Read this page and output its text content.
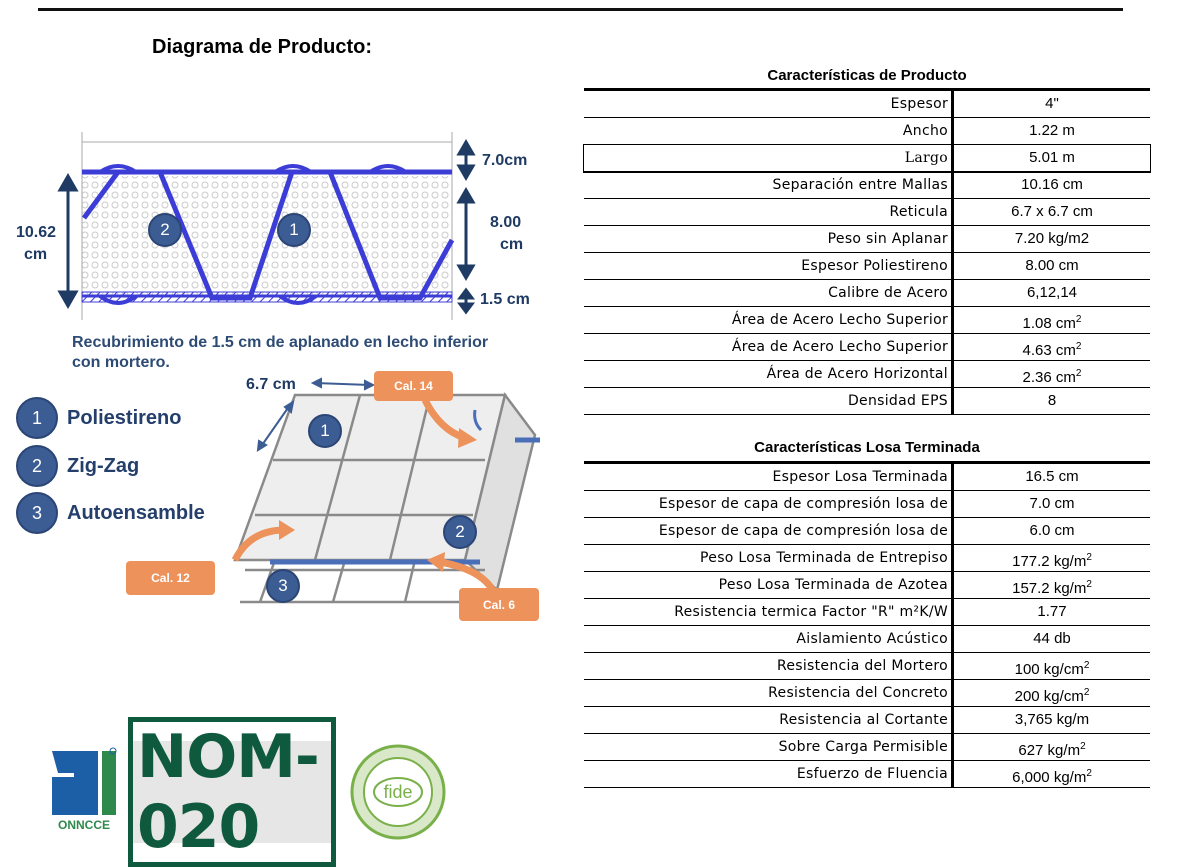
Diagrama de Producto:
7.0cm
8.00
cm
10.62
cm
1.5 cm
2	1
Recubrimiento de 1.5 cm de aplanado en lecho inferior
con mortero.
1	Poliestireno
2	Zig-Zag
3	Autoensamble
6.7 cm
1
2
3
Cal. 14
Cal. 12
Cal. 6
Características de Producto
Espesor	4"
Ancho	1.22 m
Largo	5.01 m
Separación entre Mallas	10.16 cm
Reticula	6.7 x 6.7 cm
Peso sin Aplanar	7.20 kg/m2
Espesor Poliestireno	8.00 cm
Calibre de Acero	6,12,14
Área de Acero Lecho Superior	1.08 $cm^2$
Área de Acero Lecho Superior	4.63 $cm^2$
Área de Acero Horizontal	2.36 $cm^2$
Densidad EPS	8
Características Losa Terminada
Espesor Losa Terminada	16.5 cm
Espesor de capa de compresión losa de	7.0 cm
Espesor de capa de compresión losa de	6.0 cm
Peso Losa Terminada de Entrepiso	177.2 $kg/m^2$
Peso Losa Terminada de Azotea	157.2 $kg/m^2$
Resistencia termica Factor "R" m²K/W	1.77
Aislamiento Acústico	44 db
Resistencia del Mortero	100 $kg/cm^2$
Resistencia del Concreto	200 $kg/cm^2$
Resistencia al Cortante	3,765 kg/m
Sobre Carga Permisible	627 $kg/m^2$
Esfuerzo de Fluencia	6,000 $kg/m^2$
ONNCCE
NOM-020	fide
